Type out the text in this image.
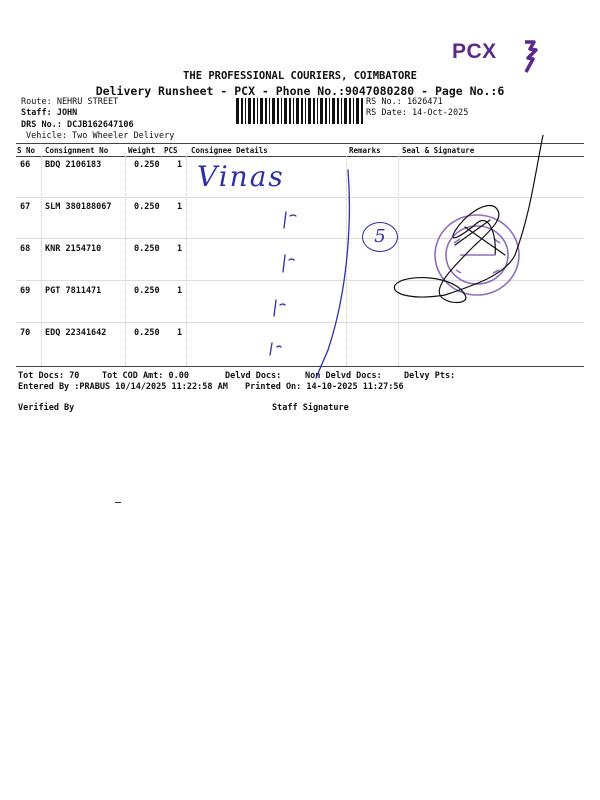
PCX
THE PROFESSIONAL COURIERS, COIMBATORE
Delivery Runsheet - PCX - Phone No.:9047080280 - Page No.:6
Route: NEHRU STREET
Staff: JOHN
DRS No.: DCJB162647106
Vehicle: Two Wheeler Delivery
RS No.: 1626471
RS Date: 14-Oct-2025
S No Consignment No	Weight PCS Consignee Details	Remarks	Seal & Signature
66 BDQ 2106183	0.250 1
67 SLM 380188067	0.250 1
68 KNR 2154710	0.250 1
69 PGT 7811471	0.250 1
70 EDQ 22341642	0.250 1
Tot Docs: 70	Tot COD Amt: 0.00	Delvd Docs:	Non Delvd Docs:	Delvy Pts:
Entered By :PRABUS 10/14/2025 11:22:58 AM Printed On: 14-10-2025 11:27:56
Verified By	Staff Signature
Vinas
5
